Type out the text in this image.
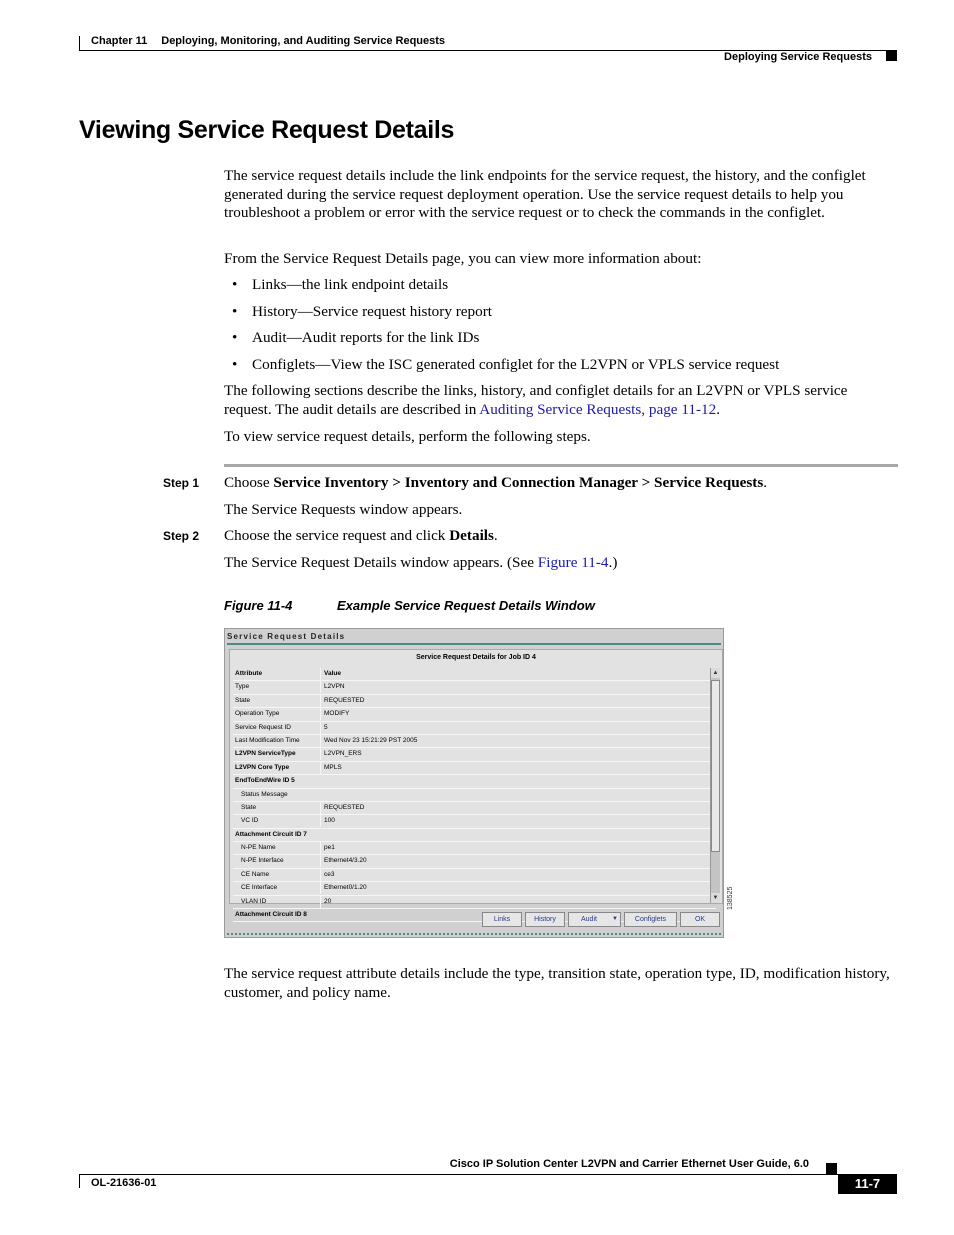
Chapter 11 Deploying, Monitoring, and Auditing Service Requests
Deploying Service Requests
Viewing Service Request Details

The service request details include the link endpoints for the service request, the history, and the configlet generated during the service request deployment operation. Use the service request details to help you troubleshoot a problem or error with the service request or to check the commands in the configlet.

From the Service Request Details page, you can view more information about:

• Links—the link endpoint details
• History—Service request history report
• Audit—Audit reports for the link IDs
• Configlets—View the ISC generated configlet for the L2VPN or VPLS service request

The following sections describe the links, history, and configlet details for an L2VPN or VPLS service request. The audit details are described in Auditing Service Requests, page 11-12.

To view service request details, perform the following steps.

Step 1 Choose Service Inventory > Inventory and Connection Manager > Service Requests.

The Service Requests window appears.

Step 2 Choose the service request and click Details.

The Service Request Details window appears. (See Figure 11-4.)

Figure 11-4	Example Service Request Details Window
Service Request Details
Service Request Details for Job ID 4
Attribute	Value
Type	L2VPN
State	REQUESTED
Operation Type	MODIFY
Service Request ID	5
Last Modification Time	Wed Nov 23 15:21:29 PST 2005
L2VPN ServiceType	L2VPN_ERS
L2VPN Core Type	MPLS
EndToEndWire ID 5
Status Message
State	REQUESTED
VC ID	100
Attachment Circuit ID 7
N-PE Name	pe1
N-PE Interface	Ethernet4/3.20
CE Name	ce3
CE Interface	Ethernet0/1.20
VLAN ID	20
Attachment Circuit ID 8
▲
▼
Links	History	Audit	▼	Configlets	OK
138525

The service request attribute details include the type, transition state, operation type, ID, modification history, customer, and policy name.

Cisco IP Solution Center L2VPN and Carrier Ethernet User Guide, 6.0
OL-21636-01	11-7
